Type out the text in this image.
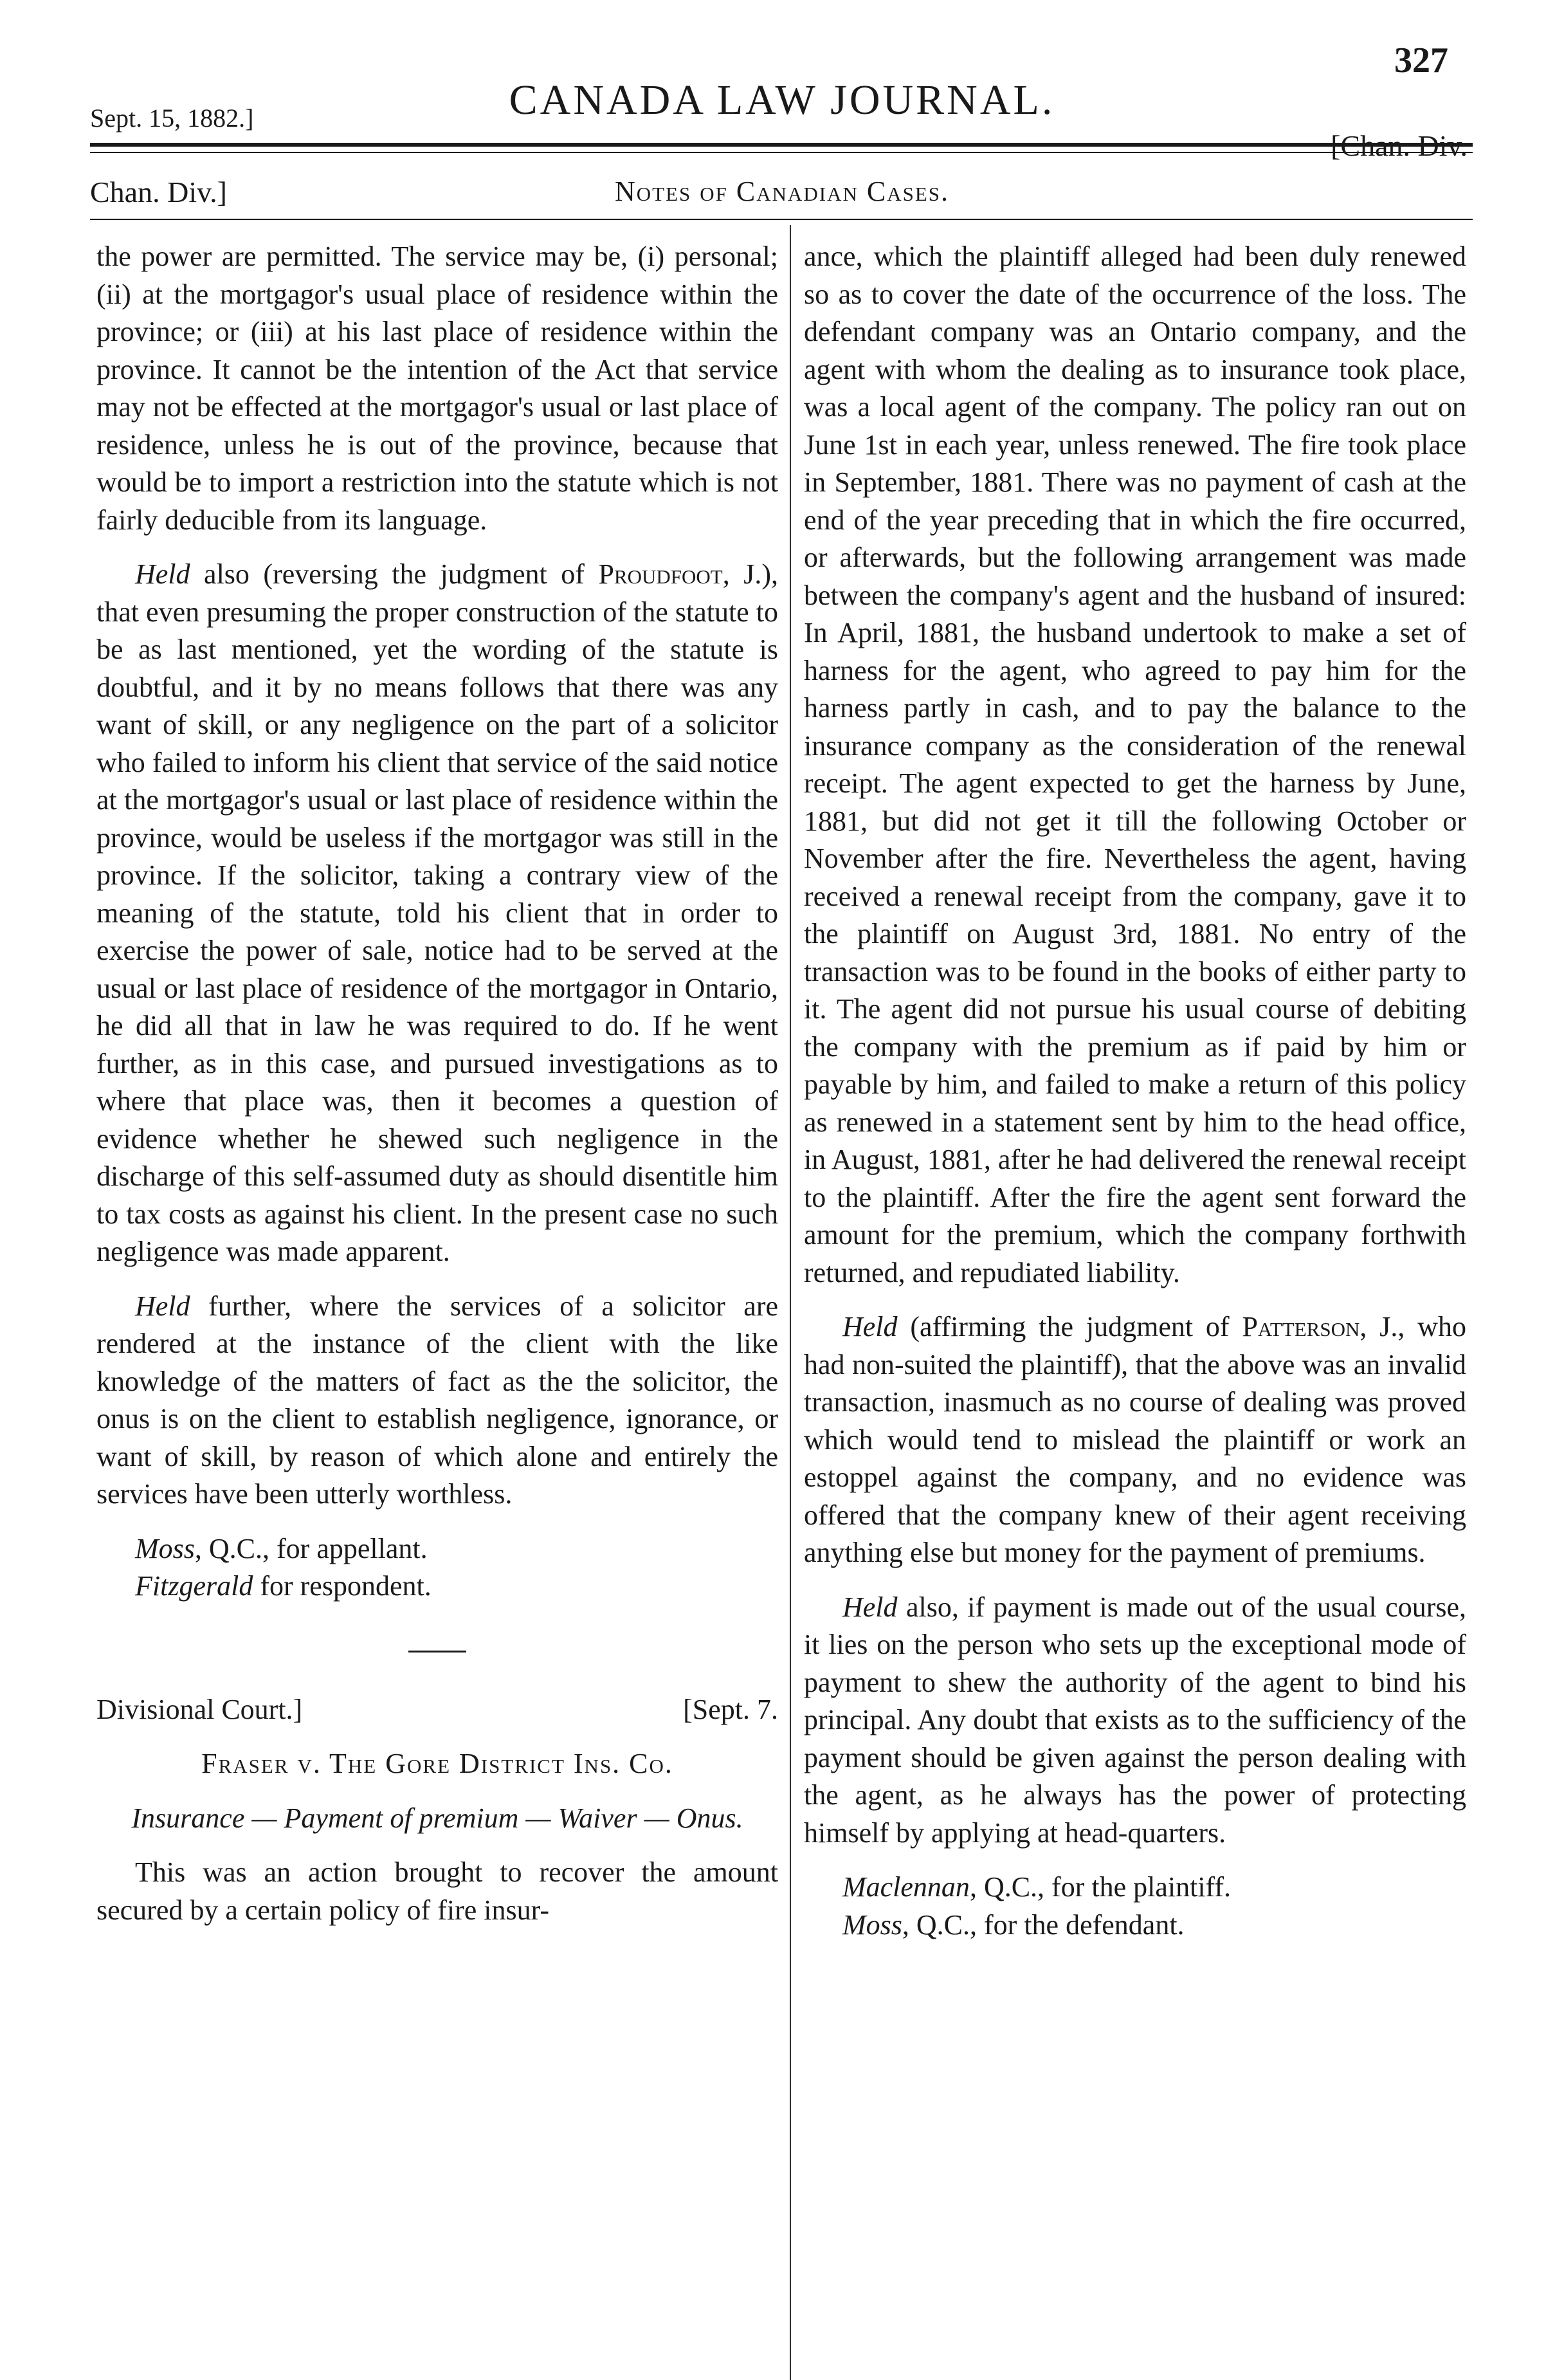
Sept. 15, 1882.]	CANADA LAW JOURNAL.
327
Chan. Div.]	Notes of Canadian Cases.
[Chan. Div.

the power are permitted. The service may be, (i) personal; (ii) at the mortgagor's usual place of residence within the province; or (iii) at his last place of residence within the province. It cannot be the intention of the Act that service may not be effected at the mortgagor's usual or last place of residence, unless he is out of the province, because that would be to import a restriction into the statute which is not fairly deducible from its language.

Held also (reversing the judgment of Proudfoot, J.), that even presuming the proper construction of the statute to be as last mentioned, yet the wording of the statute is doubtful, and it by no means follows that there was any want of skill, or any negligence on the part of a solicitor who failed to inform his client that service of the said notice at the mortgagor's usual or last place of residence within the province, would be useless if the mortgagor was still in the province. If the solicitor, taking a contrary view of the meaning of the statute, told his client that in order to exercise the power of sale, notice had to be served at the usual or last place of residence of the mortgagor in Ontario, he did all that in law he was required to do. If he went further, as in this case, and pursued investigations as to where that place was, then it becomes a question of evidence whether he shewed such negligence in the discharge of this self-assumed duty as should disentitle him to tax costs as against his client. In the present case no such negligence was made apparent.

Held further, where the services of a solicitor are rendered at the instance of the client with the like knowledge of the matters of fact as the the solicitor, the onus is on the client to establish negligence, ignorance, or want of skill, by reason of which alone and entirely the services have been utterly worthless.

Moss, Q.C., for appellant.

Fitzgerald for respondent.

Divisional Court.]	[Sept. 7.
Fraser v. The Gore District Ins. Co.
Insurance — Payment of premium — Waiver — Onus.

This was an action brought to recover the amount secured by a certain policy of fire insur-

ance, which the plaintiff alleged had been duly renewed so as to cover the date of the occurrence of the loss. The defendant company was an Ontario company, and the agent with whom the dealing as to insurance took place, was a local agent of the company. The policy ran out on June 1st in each year, unless renewed. The fire took place in September, 1881. There was no payment of cash at the end of the year preceding that in which the fire occurred, or afterwards, but the following arrangement was made between the company's agent and the husband of insured: In April, 1881, the husband undertook to make a set of harness for the agent, who agreed to pay him for the harness partly in cash, and to pay the balance to the insurance company as the consideration of the renewal receipt. The agent expected to get the harness by June, 1881, but did not get it till the following October or November after the fire. Nevertheless the agent, having received a renewal receipt from the company, gave it to the plaintiff on August 3rd, 1881. No entry of the transaction was to be found in the books of either party to it. The agent did not pursue his usual course of debiting the company with the premium as if paid by him or payable by him, and failed to make a return of this policy as renewed in a statement sent by him to the head office, in August, 1881, after he had delivered the renewal receipt to the plaintiff. After the fire the agent sent forward the amount for the premium, which the company forthwith returned, and repudiated liability.

Held (affirming the judgment of Patterson, J., who had non-suited the plaintiff), that the above was an invalid transaction, inasmuch as no course of dealing was proved which would tend to mislead the plaintiff or work an estoppel against the company, and no evidence was offered that the company knew of their agent receiving anything else but money for the payment of premiums.

Held also, if payment is made out of the usual course, it lies on the person who sets up the exceptional mode of payment to shew the authority of the agent to bind his principal. Any doubt that exists as to the sufficiency of the payment should be given against the person dealing with the agent, as he always has the power of protecting himself by applying at head-quarters.

Maclennan, Q.C., for the plaintiff.

Moss, Q.C., for the defendant.
